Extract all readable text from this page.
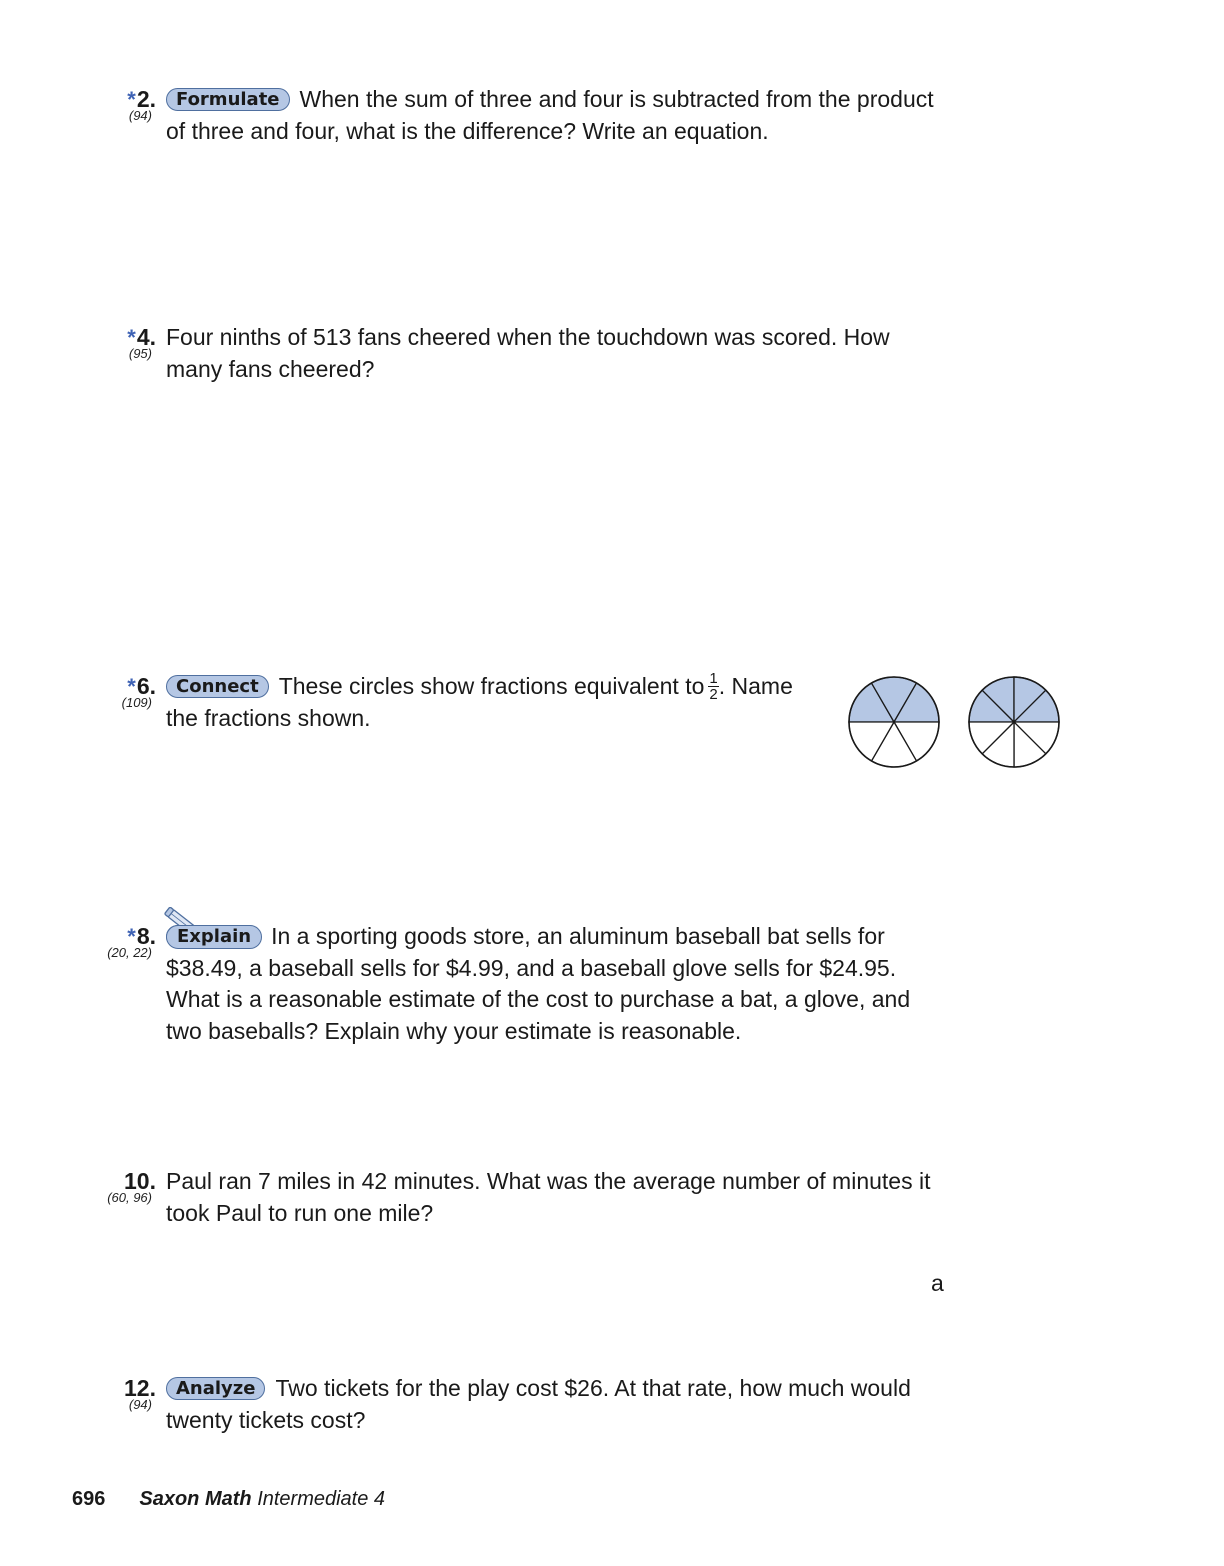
*2.
(94)
Formulate When the sum of three and four is subtracted from the product of three and four, what is the difference? Write an equation.
*4.
(95)
Four ninths of 513 fans cheered when the touchdown was scored. How many fans cheered?
*6.
(109)
Connect These circles show fractions equivalent to $\frac{1}{2}$ . Name the fractions shown.
*8.
(20, 22)
Explain In a sporting goods store, an aluminum baseball bat sells for $38.49, a baseball sells for $4.99, and a baseball glove sells for $24.95. What is a reasonable estimate of the cost to purchase a bat, a glove, and two baseballs? Explain why your estimate is reasonable.
10.
(60, 96)
Paul ran 7 miles in 42 minutes. What was the average number of minutes it took Paul to run one mile?
a
12.
(94)
Analyze Two tickets for the play cost $26. At that rate, how much would twenty tickets cost?
696 Saxon Math Intermediate 4
